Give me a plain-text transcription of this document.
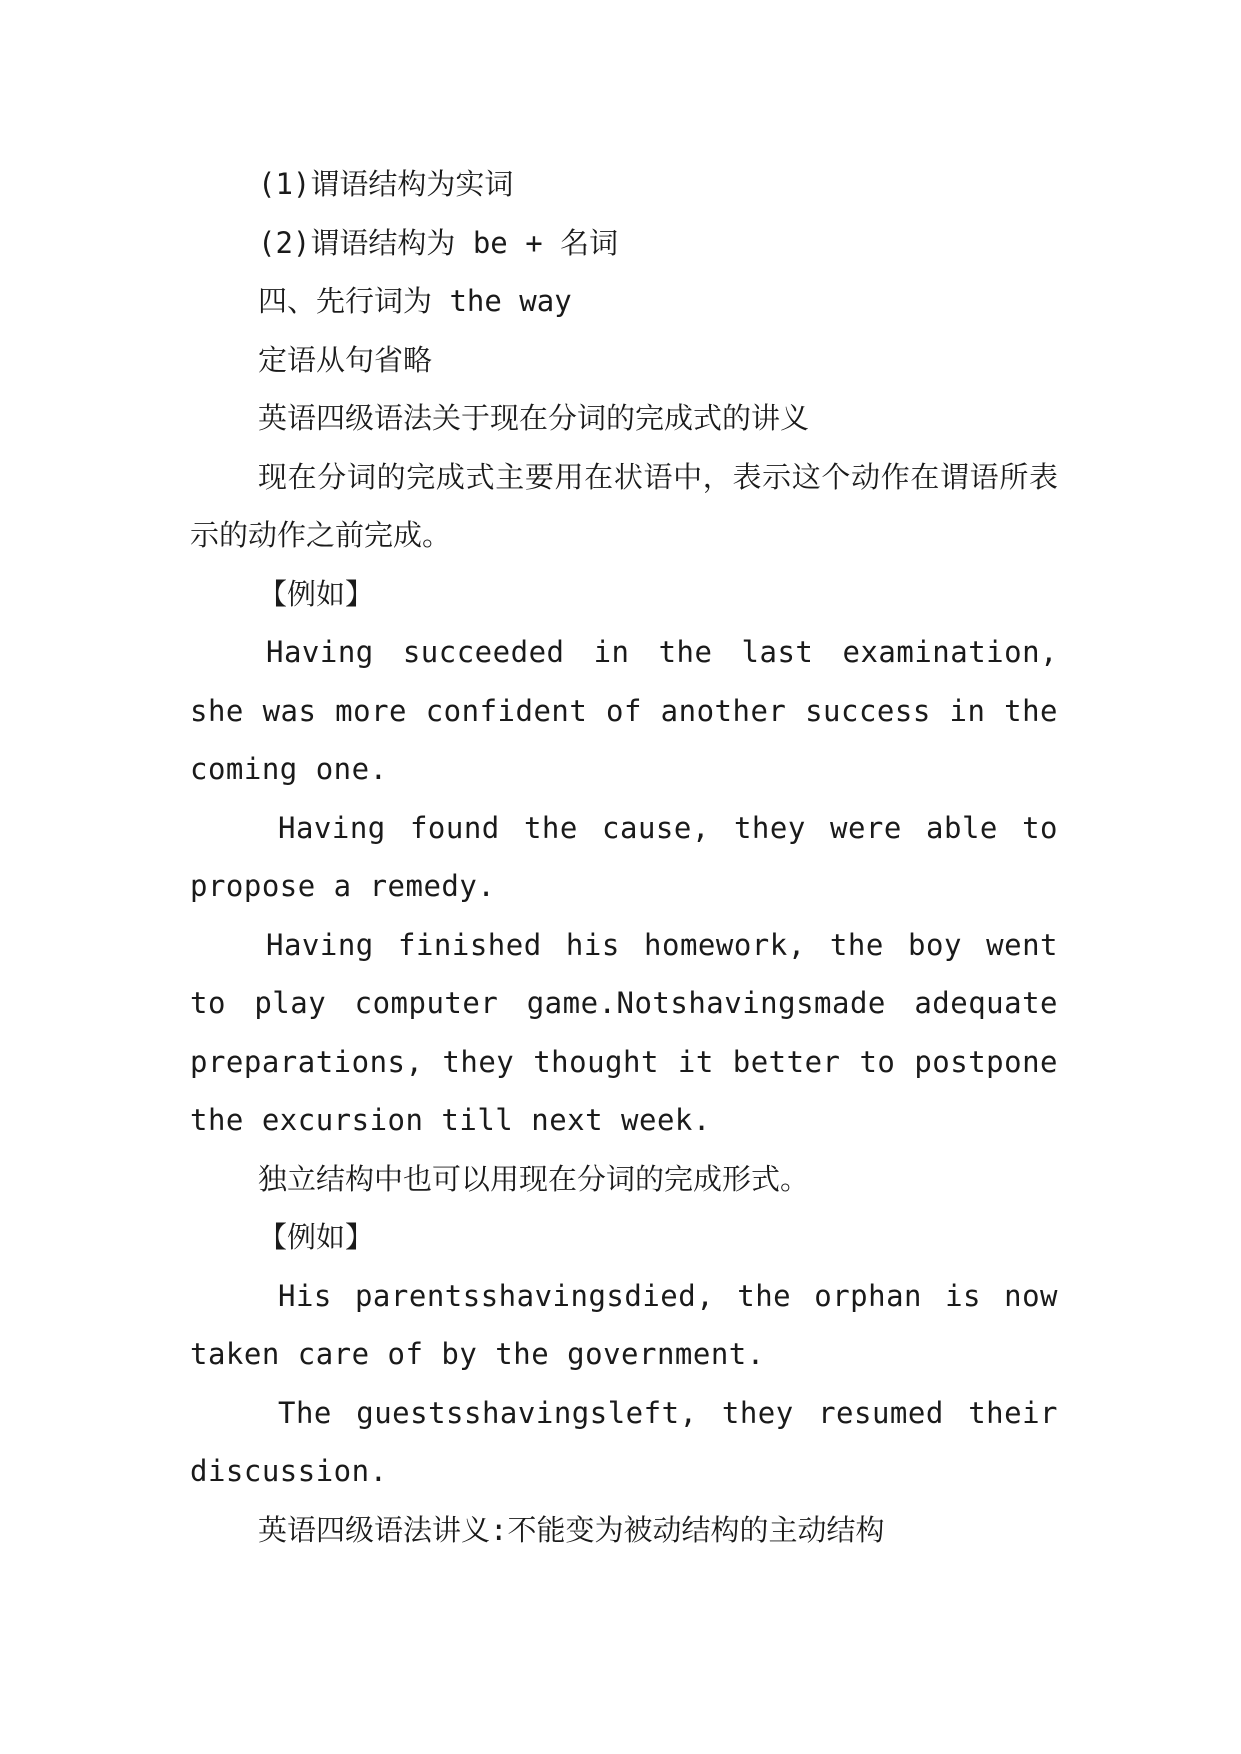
(1)谓语结构为实词

(2)谓语结构为 be + 名词

四、先行词为 the way

定语从句省略

英语四级语法关于现在分词的完成式的讲义

现在分词的完成式主要用在状语中，表示这个动作在谓语所表示的动作之前完成。

【例如】

Having succeeded in the last examination, she was more confident of another success in the coming one.

Having found the cause, they were able to propose a remedy.

Having finished his homework, the boy went to play computer game.Notshavingsmade adequate preparations, they thought it better to postpone the excursion till next week.

独立结构中也可以用现在分词的完成形式。

【例如】

His parentsshavingsdied, the orphan is now taken care of by the government.

The guestsshavingsleft, they resumed their discussion.

英语四级语法讲义:不能变为被动结构的主动结构
